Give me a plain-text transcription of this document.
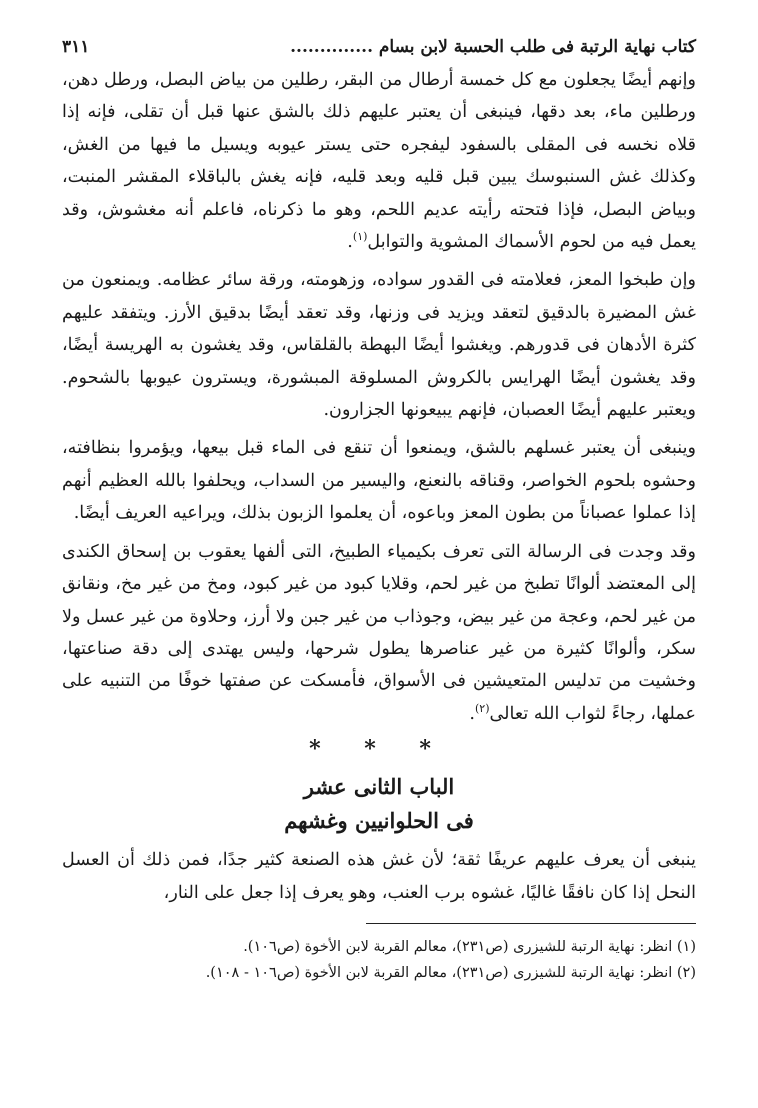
كتاب نهاية الرتبة فى طلب الحسبة لابن بسام ..............
٣١١

وإنهم أيضًا يجعلون مع كل خمسة أرطال من البقر، رطلين من بياض البصل، ورطل دهن، ورطلين ماء، بعد دقها، فينبغى أن يعتبر عليهم ذلك بالشق عنها قبل أن تقلى، فإنه إذا قلاه نخسه فى المقلى بالسفود ليفجره حتى يستر عيوبه ويسيل ما فيها من الغش، وكذلك غش السنبوسك يبين قبل قليه وبعد قليه، فإنه يغش بالباقلاء المقشر المنبت، وبياض البصل، فإذا فتحته رأيته عديم اللحم، وهو ما ذكرناه، فاعلم أنه مغشوش، وقد يعمل فيه من لحوم الأسماك المشوية والتوابل$^{(١)}$.

وإن طبخوا المعز، فعلامته فى القدور سواده، وزهومته، ورقة سائر عظامه. ويمنعون من غش المضيرة بالدقيق لتعقد ويزيد فى وزنها، وقد تعقد أيضًا بدقيق الأرز. ويتفقد عليهم كثرة الأدهان فى قدورهم. ويغشوا أيضًا البهطة بالقلقاس، وقد يغشون به الهريسة أيضًا، وقد يغشون أيضًا الهرايس بالكروش المسلوقة المبشورة، ويسترون عيوبها بالشحوم. ويعتبر عليهم أيضًا العصبان، فإنهم يبيعونها الجزارون.

وينبغى أن يعتبر غسلهم بالشق، ويمنعوا أن تنقع فى الماء قبل بيعها، ويؤمروا بنظافته، وحشوه بلحوم الخواصر، وقناقه بالنعنع، واليسير من السداب، ويحلفوا بالله العظيم أنهم إذا عملوا عصباناً من بطون المعز وباعوه، أن يعلموا الزبون بذلك، ويراعيه العريف أيضًا.

وقد وجدت فى الرسالة التى تعرف بكيمياء الطبيخ، التى ألفها يعقوب بن إسحاق الكندى إلى المعتضد ألوانًا تطبخ من غير لحم، وقلايا كبود من غير كبود، ومخ من غير مخ، ونقانق من غير لحم، وعجة من غير بيض، وجوذاب من غير جبن ولا أرز، وحلاوة من غير عسل ولا سكر، وألوانًا كثيرة من غير عناصرها يطول شرحها، وليس يهتدى إلى دقة صناعتها، وخشيت من تدليس المتعيشين فى الأسواق، فأمسكت عن صفتها خوفًا من التنبيه على عملها، رجاءً لثواب الله تعالى$^{(٢)}$.

* * *
الباب الثانى عشر
فى الحلوانيين وغشهم

ينبغى أن يعرف عليهم عريفًا ثقة؛ لأن غش هذه الصنعة كثير جدًا، فمن ذلك أن العسل النحل إذا كان نافقًا غاليًا، غشوه برب العنب، وهو يعرف إذا جعل على النار،

(١) انظر: نهاية الرتبة للشيزرى (ص٢٣١)، معالم القربة لابن الأخوة (ص١٠٦).

(٢) انظر: نهاية الرتبة للشيزرى (ص٢٣١)، معالم القربة لابن الأخوة (ص١٠٦ - ١٠٨).
